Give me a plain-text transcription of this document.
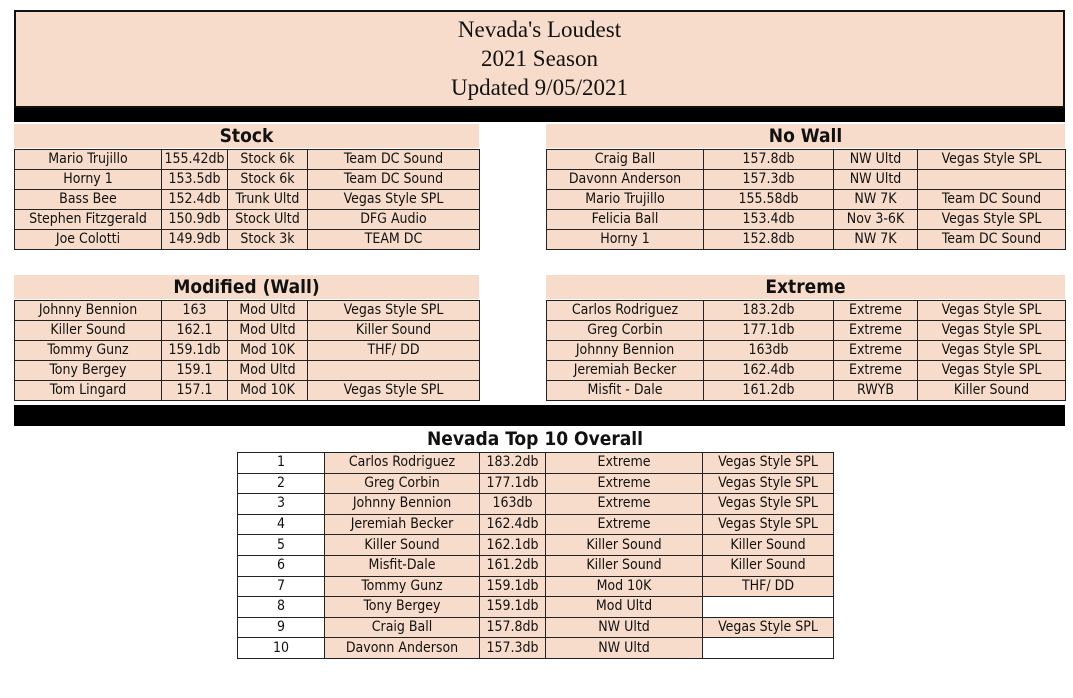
Nevada's Loudest
2021 Season
Updated 9/05/2021
Stock
Mario Trujillo	155.42db	Stock 6k	Team DC Sound
Horny 1	153.5db	Stock 6k	Team DC Sound
Bass Bee	152.4db	Trunk Ultd	Vegas Style SPL
Stephen Fitzgerald	150.9db	Stock Ultd	DFG Audio
Joe Colotti	149.9db	Stock 3k	TEAM DC
No Wall
Craig Ball	157.8db	NW Ultd	Vegas Style SPL
Davonn Anderson	157.3db	NW Ultd	
Mario Trujillo	155.58db	NW 7K	Team DC Sound
Felicia Ball	153.4db	Nov 3-6K	Vegas Style SPL
Horny 1	152.8db	NW 7K	Team DC Sound
Modified (Wall)
Johnny Bennion	163	Mod Ultd	Vegas Style SPL
Killer Sound	162.1	Mod Ultd	Killer Sound
Tommy Gunz	159.1db	Mod 10K	THF/ DD
Tony Bergey	159.1	Mod Ultd	
Tom Lingard	157.1	Mod 10K	Vegas Style SPL
Extreme
Carlos Rodriguez	183.2db	Extreme	Vegas Style SPL
Greg Corbin	177.1db	Extreme	Vegas Style SPL
Johnny Bennion	163db	Extreme	Vegas Style SPL
Jeremiah Becker	162.4db	Extreme	Vegas Style SPL
Misfit - Dale	161.2db	RWYB	Killer Sound
Nevada Top 10 Overall
1	Carlos Rodriguez	183.2db	Extreme	Vegas Style SPL
2	Greg Corbin	177.1db	Extreme	Vegas Style SPL
3	Johnny Bennion	163db	Extreme	Vegas Style SPL
4	Jeremiah Becker	162.4db	Extreme	Vegas Style SPL
5	Killer Sound	162.1db	Killer Sound	Killer Sound
6	Misfit-Dale	161.2db	Killer Sound	Killer Sound
7	Tommy Gunz	159.1db	Mod 10K	THF/ DD
8	Tony Bergey	159.1db	Mod Ultd	
9	Craig Ball	157.8db	NW Ultd	Vegas Style SPL
10	Davonn Anderson	157.3db	NW Ultd	
